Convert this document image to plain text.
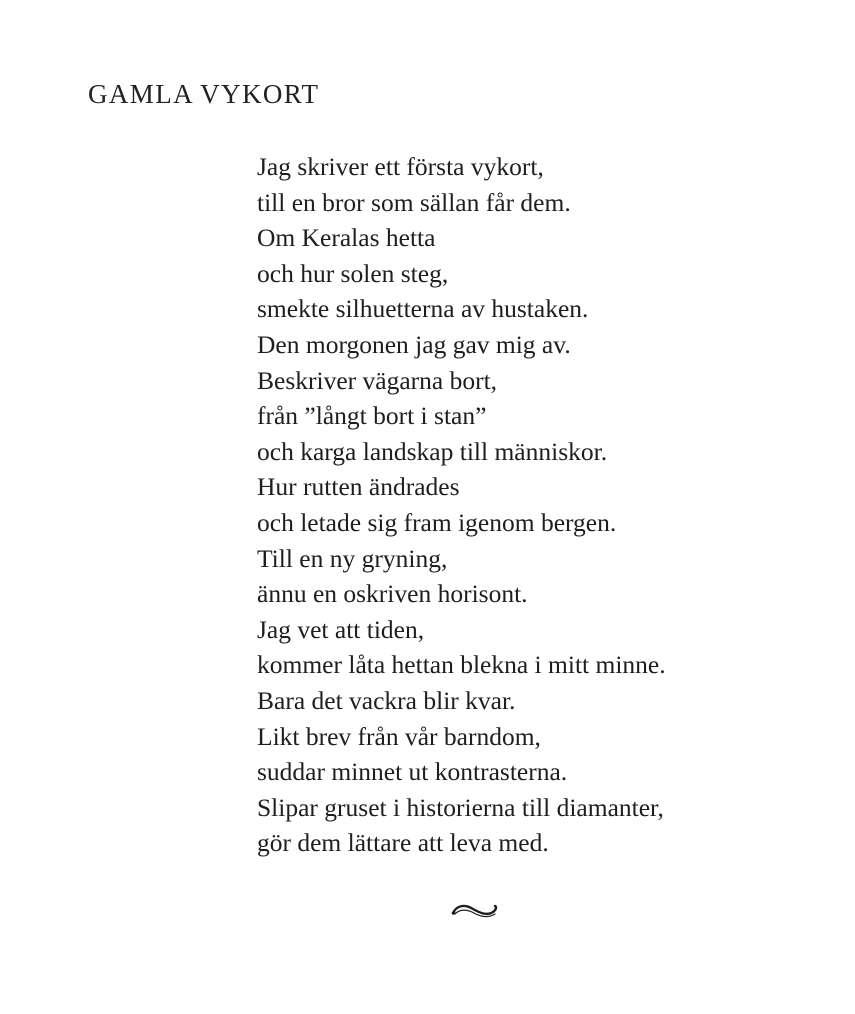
GAMLA VYKORT
Jag skriver ett första vykort,
till en bror som sällan får dem.
Om Keralas hetta
och hur solen steg,
smekte silhuetterna av hustaken.
Den morgonen jag gav mig av.
Beskriver vägarna bort,
från ”långt bort i stan”
och karga landskap till människor.
Hur rutten ändrades
och letade sig fram igenom bergen.
Till en ny gryning,
ännu en oskriven horisont.
Jag vet att tiden,
kommer låta hettan blekna i mitt minne.
Bara det vackra blir kvar.
Likt brev från vår barndom,
suddar minnet ut kontrasterna.
Slipar gruset i historierna till diamanter,
gör dem lättare att leva med.
